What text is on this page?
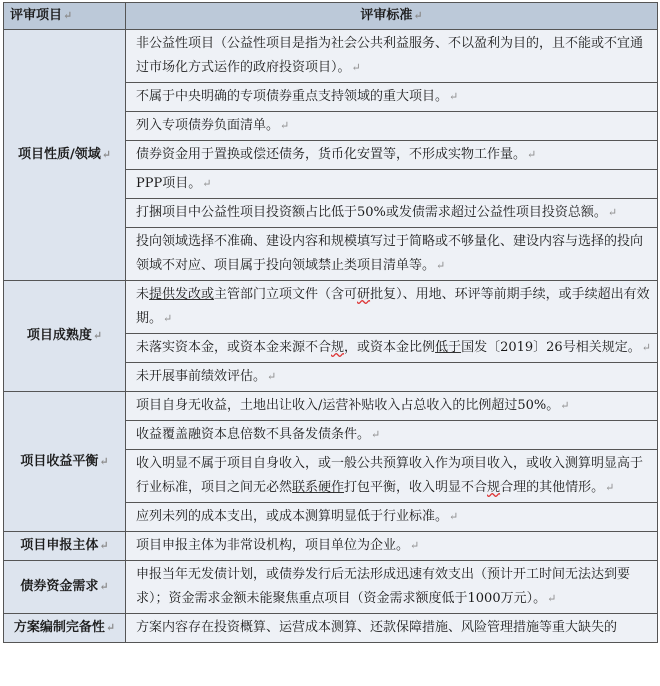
评审项目↵	评审标准↵
项目性质/领域↵	非公益性项目（公益性项目是指为社会公共利益服务、不以盈利为目的，且不能或不宜通过市场化方式运作的政府投资项目）。↵
	不属于中央明确的专项债券重点支持领域的重大项目。↵
	列入专项债券负面清单。↵
	债券资金用于置换或偿还债务，货币化安置等，不形成实物工作量。↵
	PPP项目。↵
	打捆项目中公益性项目投资额占比低于50%或发债需求超过公益性项目投资总额。↵
	投向领域选择不准确、建设内容和规模填写过于简略或不够量化、建设内容与选择的投向领域不对应、项目属于投向领域禁止类项目清单等。↵
项目成熟度↵	未提供发改或主管部门立项文件（含可研批复）、用地、环评等前期手续，或手续超出有效期。↵
	未落实资本金，或资本金来源不合规，或资本金比例低于国发〔2019〕26号相关规定。↵
	未开展事前绩效评估。↵
项目收益平衡↵	项目自身无收益，土地出让收入/运营补贴收入占总收入的比例超过50%。↵
	收益覆盖融资本息倍数不具备发债条件。↵
	收入明显不属于项目自身收入，或一般公共预算收入作为项目收入，或收入测算明显高于行业标准，项目之间无必然联系硬作打包平衡，收入明显不合规合理的其他情形。↵
	应列未列的成本支出，或成本测算明显低于行业标准。↵
项目申报主体↵	项目申报主体为非常设机构，项目单位为企业。↵
债券资金需求↵	申报当年无发债计划，或债券发行后无法形成迅速有效支出（预计开工时间无法达到要求）；资金需求金额未能聚焦重点项目（资金需求额度低于1000万元）。↵
方案编制完备性↵	方案内容存在投资概算、运营成本测算、还款保障措施、风险管理措施等重大缺失的
